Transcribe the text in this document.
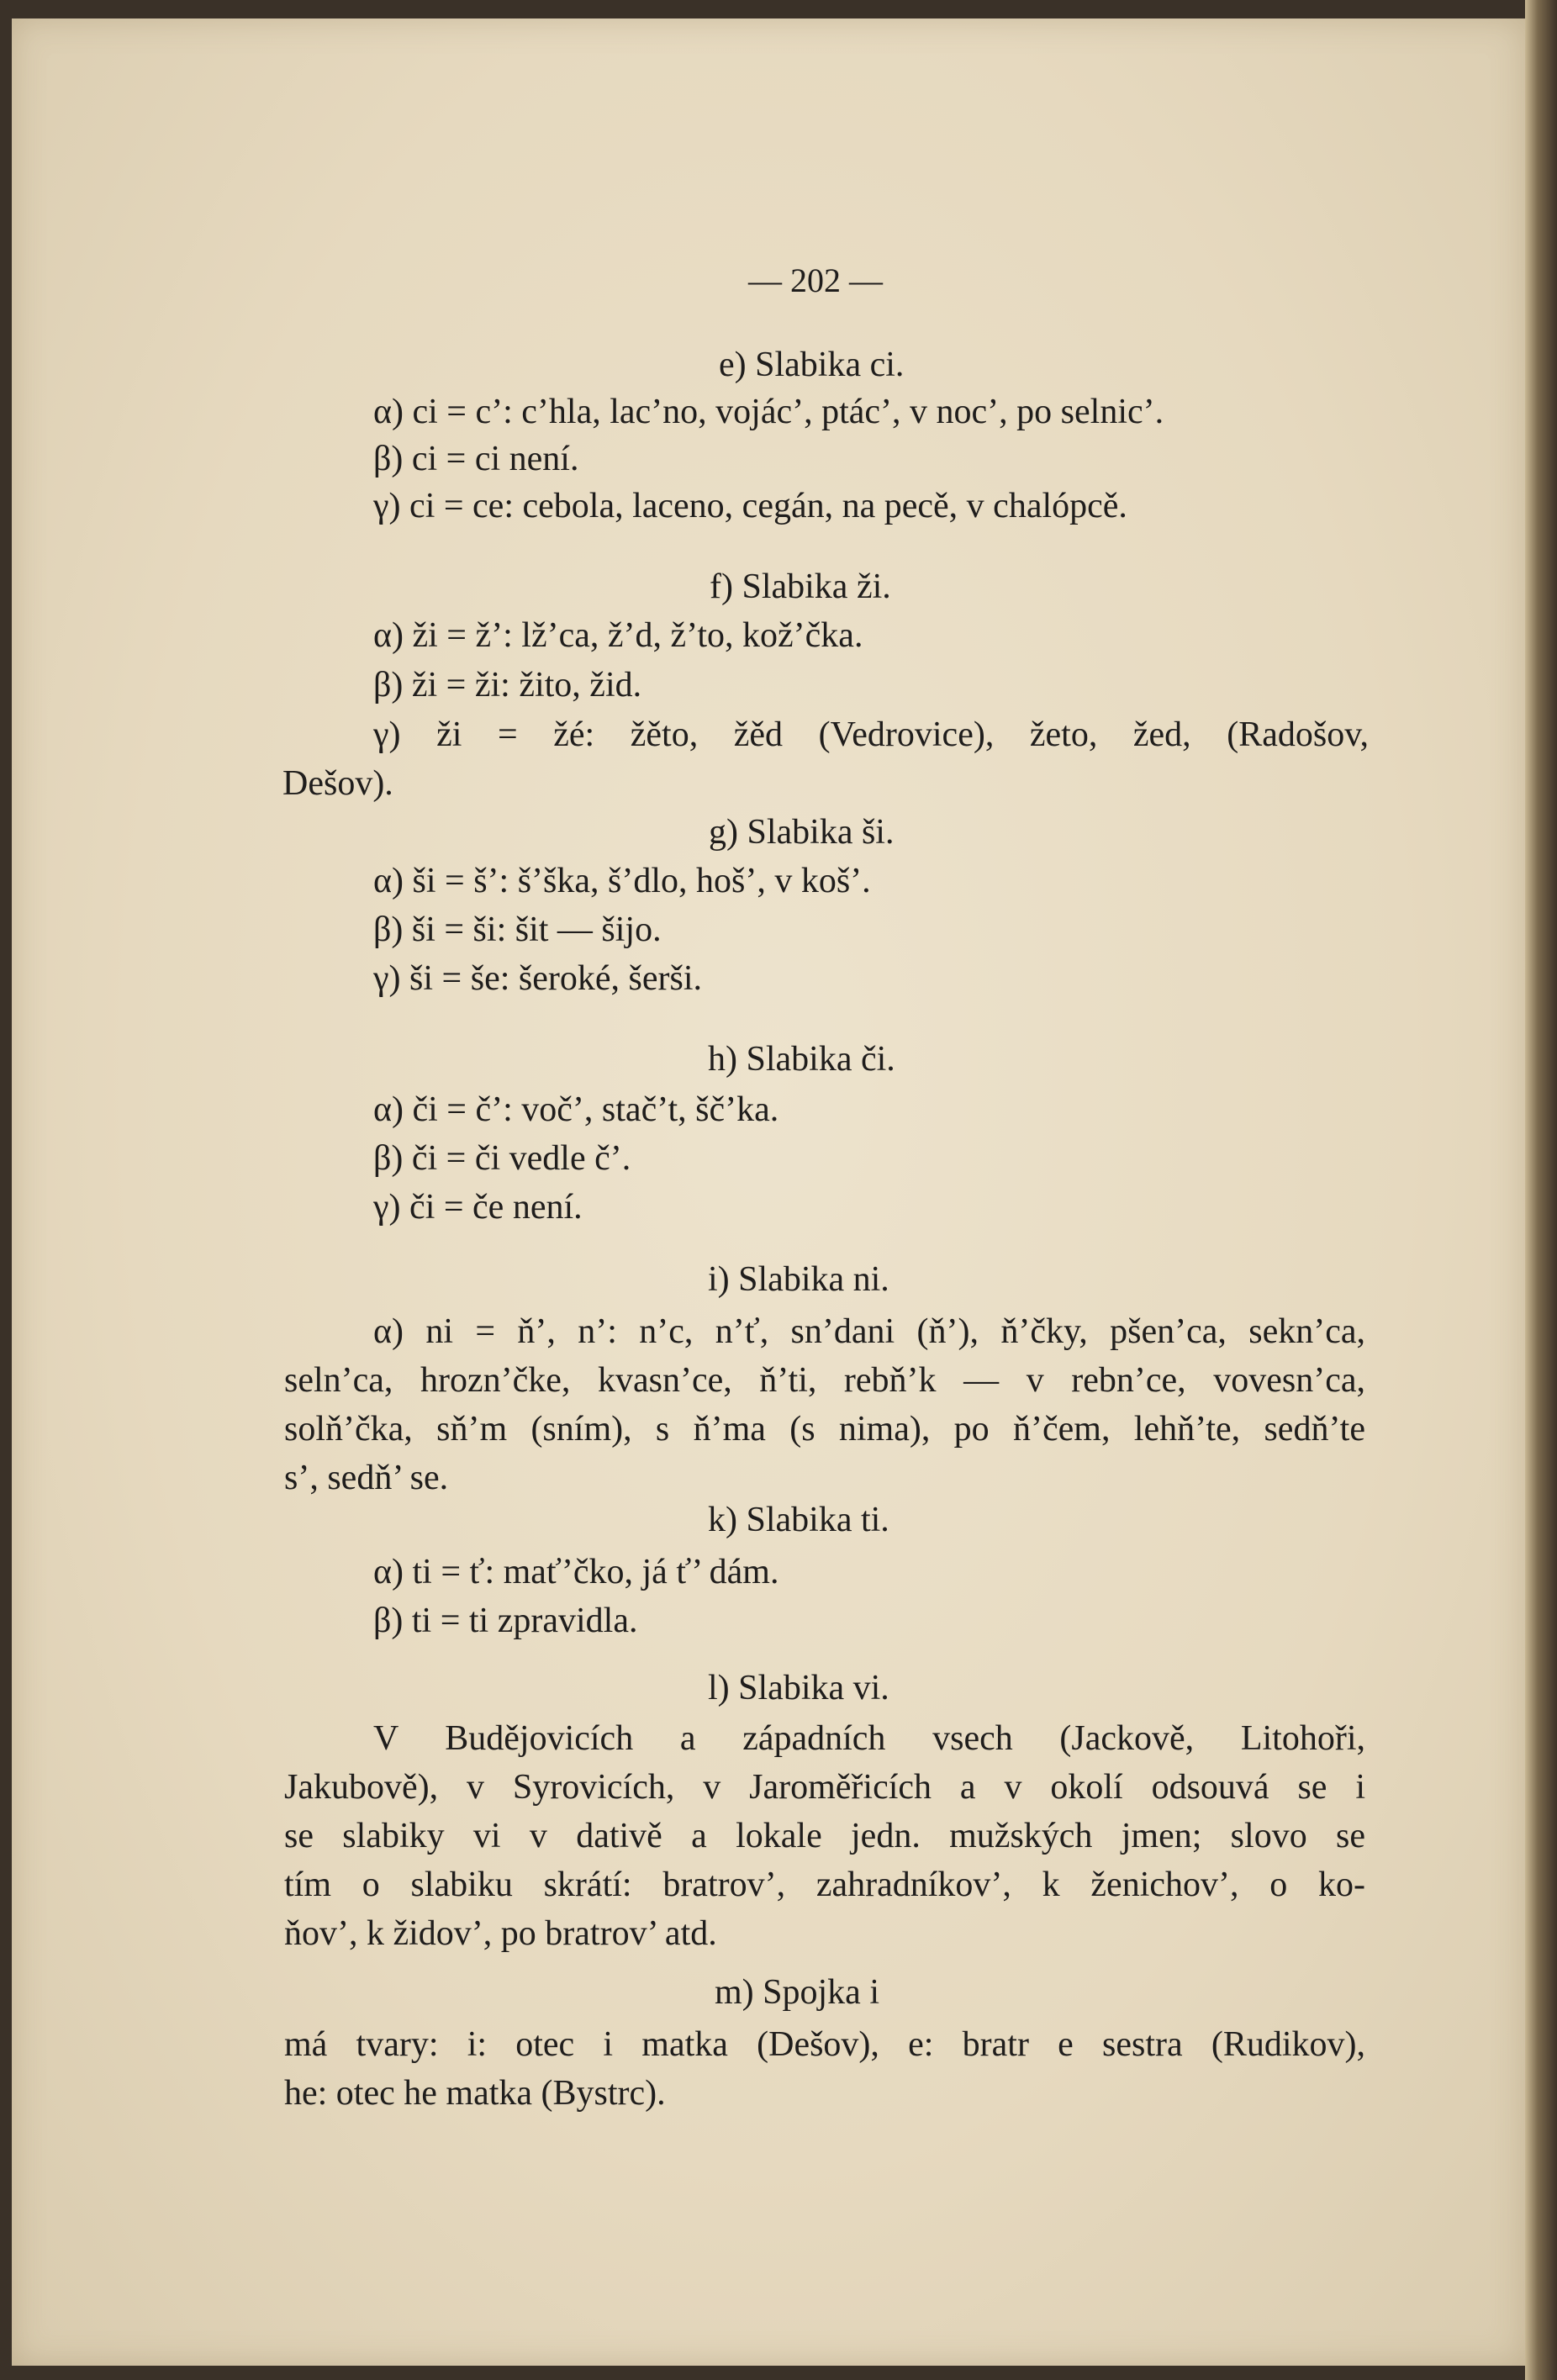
— 202 —
e) Slabika ci.
α) ci = c’: c’hla, lac’no, vojác’, ptác’, v noc’, po selnic’.
β) ci = ci není.
γ) ci = ce: cebola, laceno, cegán, na pecě, v chalópcě.
f) Slabika ži.
α) ži = ž’: lž’ca, ž’d, ž’to, kož’čka.
β) ži = ži: žito, žid.
γ) ži = žé: žěto, žěd (Vedrovice), žeto, žed, (Radošov,
Dešov).
g) Slabika ši.
α) ši = š’: š’ška, š’dlo, hoš’, v koš’.
β) ši = ši: šit — šijo.
γ) ši = še: šeroké, šerši.
h) Slabika či.
α) či = č’: voč’, stač’t, šč’ka.
β) či = či vedle č’.
γ) či = če není.
i) Slabika ni.
α) ni = ň’, n’: n’c, n’ť, sn’dani (ň’), ň’čky, pšen’ca, sekn’ca,
seln’ca, hrozn’čke, kvasn’ce, ň’ti, rebň’k — v rebn’ce, vovesn’ca,
solň’čka, sň’m (sním), s ň’ma (s nima), po ň’čem, lehň’te, sedň’te
s’, sedň’ se.
k) Slabika ti.
α) ti = ť: mať’čko, já ť’ dám.
β) ti = ti zpravidla.
l) Slabika vi.
V Budějovicích a západních vsech (Jackově, Litohoři,
Jakubově), v Syrovicích, v Jaroměřicích a v okolí odsouvá se i
se slabiky vi v dativě a lokale jedn. mužských jmen; slovo se
tím o slabiku skrátí: bratrov’, zahradníkov’, k ženichov’, o ko-
ňov’, k židov’, po bratrov’ atd.
m) Spojka i
má tvary: i: otec i matka (Dešov), e: bratr e sestra (Rudikov),
he: otec he matka (Bystrc).
